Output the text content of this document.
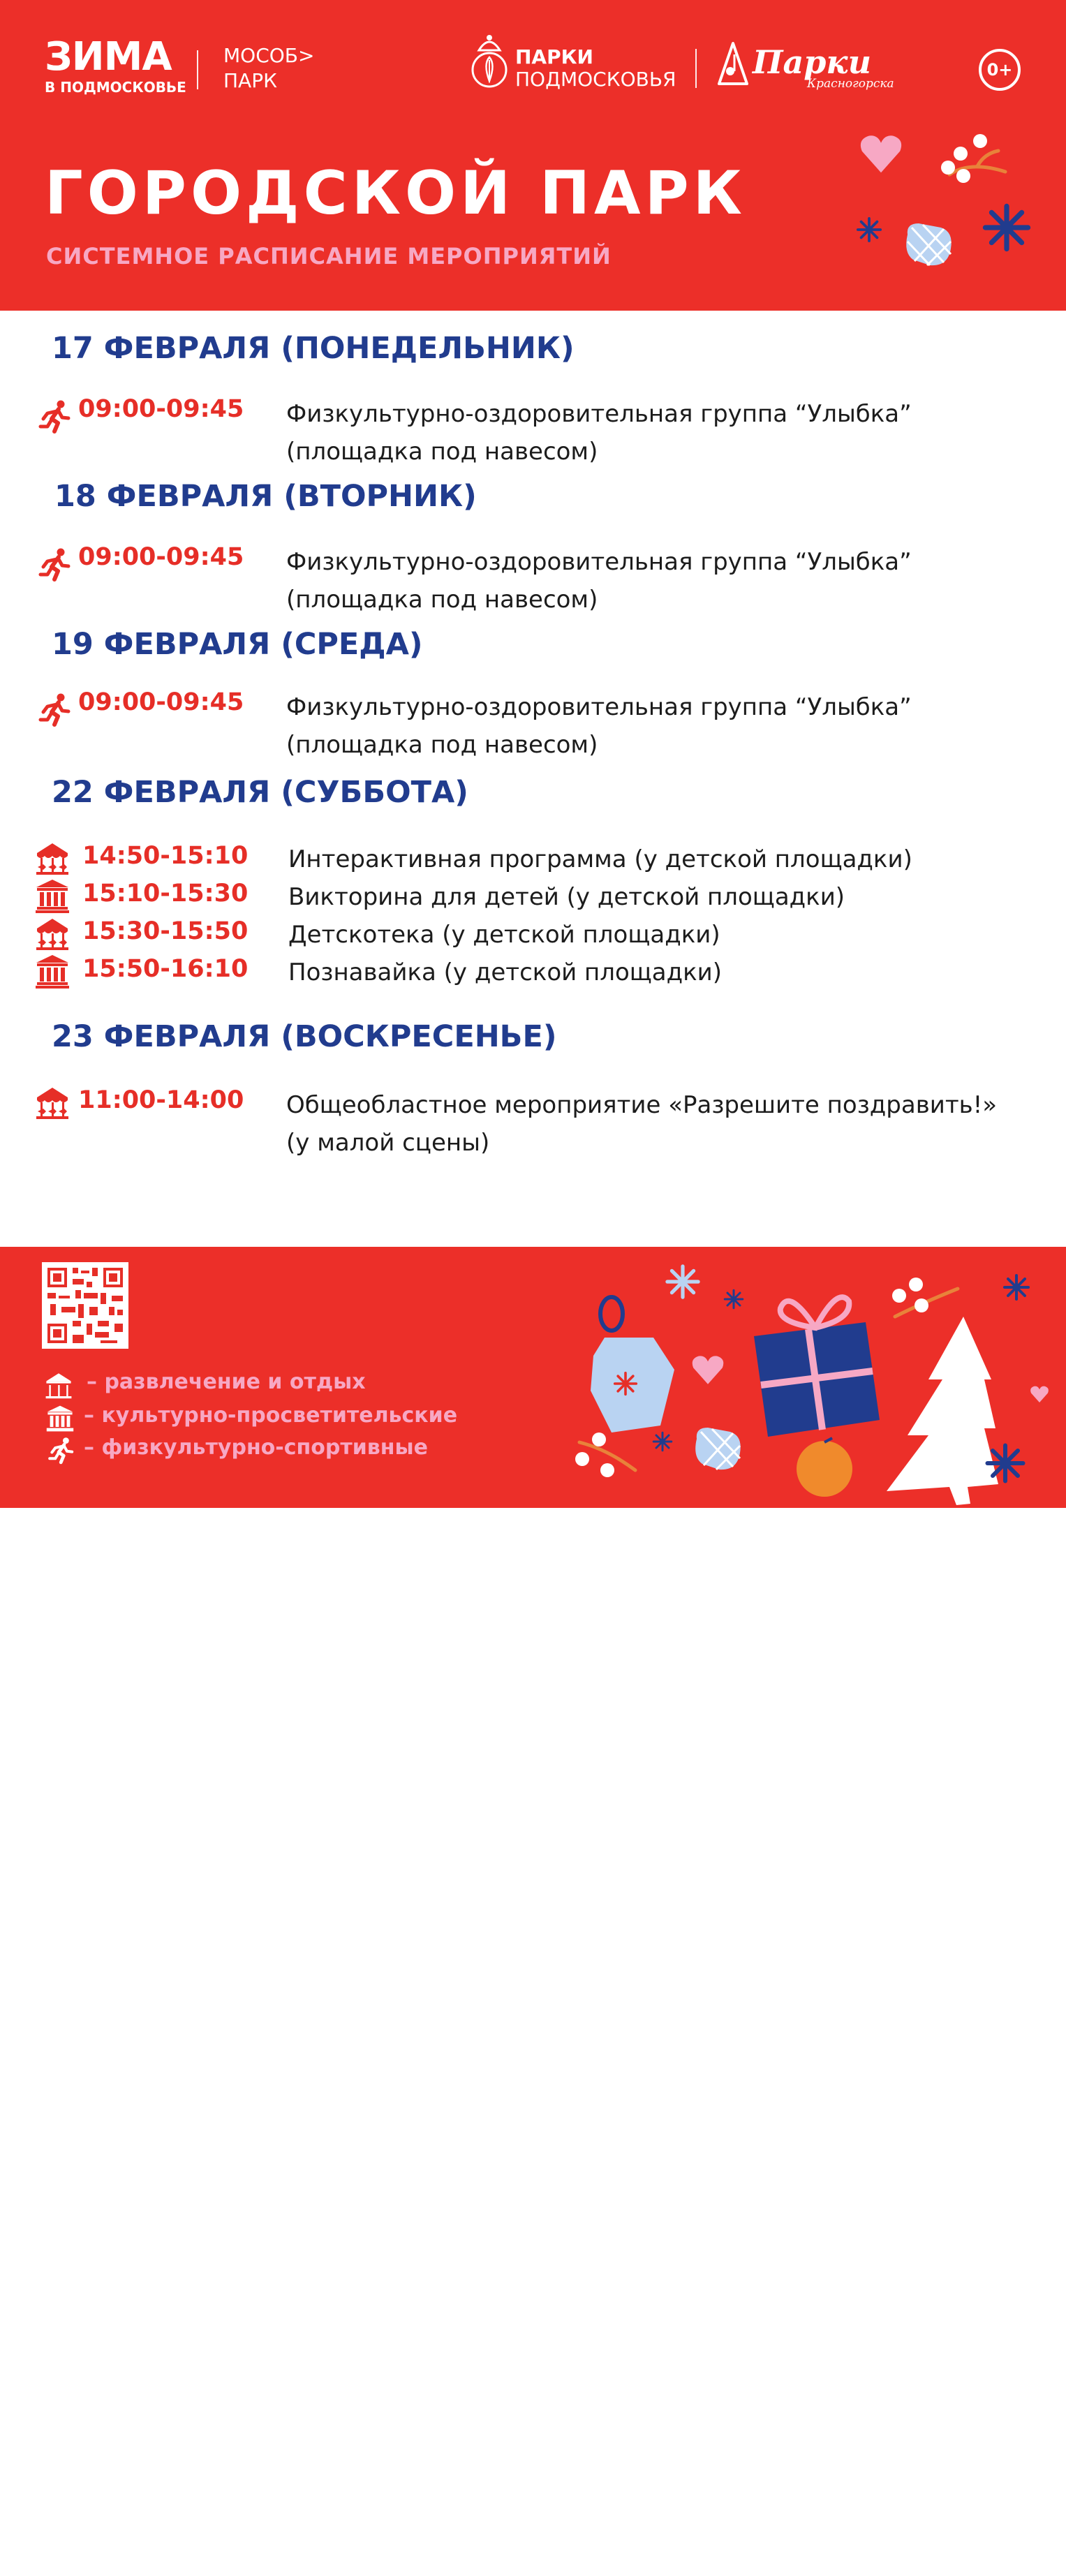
ЗИМА
В ПОДМОСКОВЬЕ
МОСОБ>
ПАРК
ПАРКИ
ПОДМОСКОВЬЯ Парки
Красногорска
0+
ГОРОДСКОЙ ПАРК
СИСТЕМНОЕ РАСПИСАНИЕ МЕРОПРИЯТИЙ
17 ФЕВРАЛЯ (ПОНЕДЕЛЬНИК)
09:00-09:45 Физкультурно-оздоровительная группа “Улыбка”
(площадка под навесом)
18 ФЕВРАЛЯ (ВТОРНИК)
09:00-09:45 Физкультурно-оздоровительная группа “Улыбка”
(площадка под навесом)
19 ФЕВРАЛЯ (СРЕДА)
09:00-09:45 Физкультурно-оздоровительная группа “Улыбка”
(площадка под навесом)
22 ФЕВРАЛЯ (СУББОТА)
14:50-15:10 Интерактивная программа (у детской площадки)
15:10-15:30 Викторина для детей (у детской площадки)
15:30-15:50 Детскотека (у детской площадки)
15:50-16:10 Познавайка (у детской площадки)
23 ФЕВРАЛЯ (ВОСКРЕСЕНЬЕ)
11:00-14:00 Общеобластное мероприятие «Разрешите поздравить!»
(у малой сцены)
Подробности в
Telegram-канале
– развлечение и отдых
– культурно-просветительские
– физкультурно-спортивные
